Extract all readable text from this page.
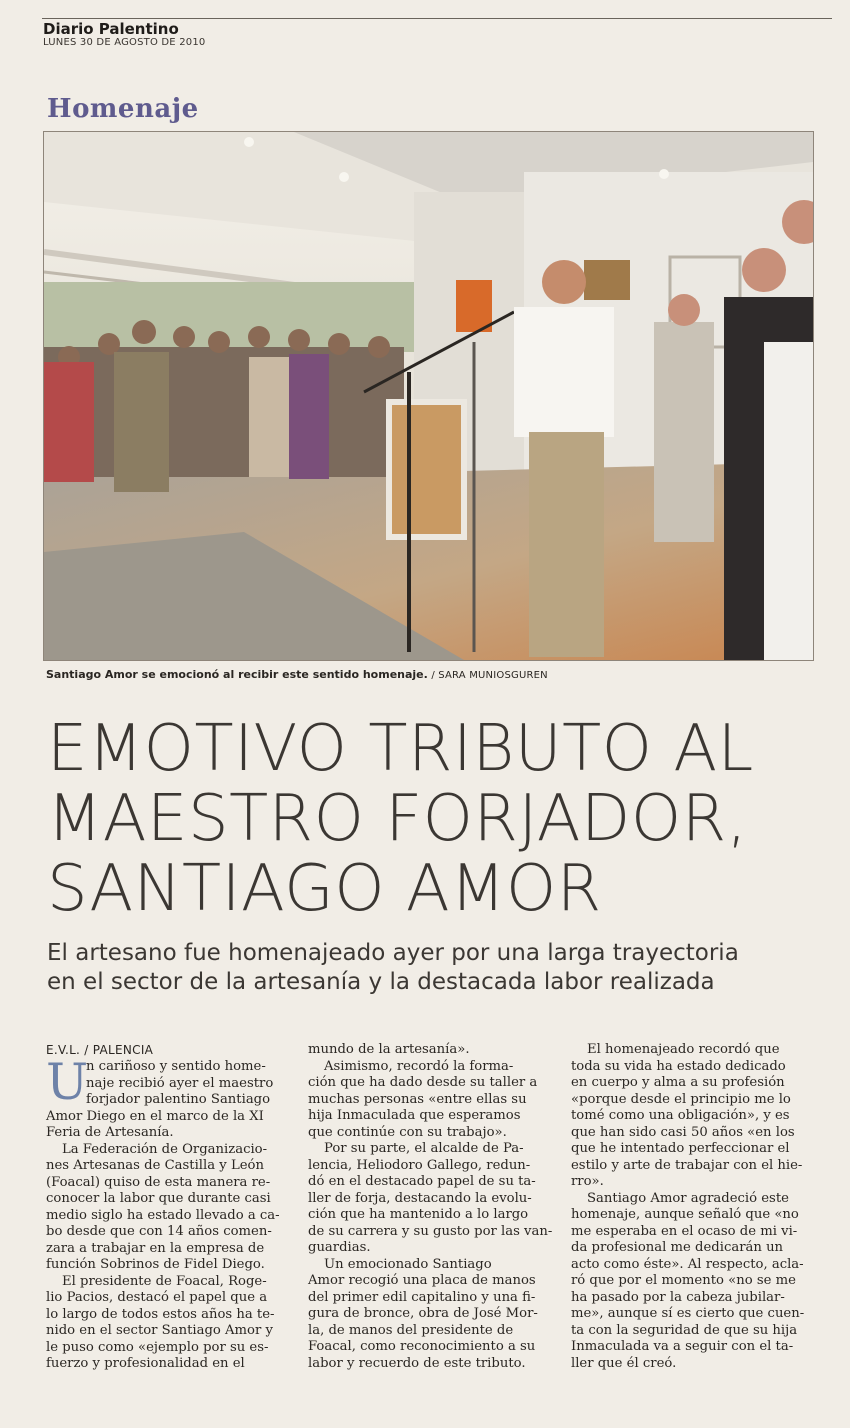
Diario Palentino
LUNES 30 DE AGOSTO DE 2010
Homenaje
Santiago Amor se emocionó al recibir este sentido homenaje. / SARA MUNIOSGUREN
EMOTIVO TRIBUTO AL
MAESTRO FORJADOR,
SANTIAGO AMOR
El artesano fue homenajeado ayer por una larga trayectoria
en el sector de la artesanía y la destacada labor realizada
E.V.L. / PALENCIA
U

n cariñoso y sentido home-

naje recibió ayer el maestro

forjador palentino Santiago

Amor Diego en el marco de la XI

Feria de Artesanía.

La Federación de Organizacio-

nes Artesanas de Castilla y León

(Foacal) quiso de esta manera re-

conocer la labor que durante casi

medio siglo ha estado llevado a ca-

bo desde que con 14 años comen-

zara a trabajar en la empresa de

función Sobrinos de Fidel Diego.

El presidente de Foacal, Roge-

lio Pacios, destacó el papel que a

lo largo de todos estos años ha te-

nido en el sector Santiago Amor y

le puso como «ejemplo por su es-

fuerzo y profesionalidad en el

mundo de la artesanía».

Asimismo, recordó la forma-

ción que ha dado desde su taller a

muchas personas «entre ellas su

hija Inmaculada que esperamos

que continúe con su trabajo».

Por su parte, el alcalde de Pa-

lencia, Heliodoro Gallego, redun-

dó en el destacado papel de su ta-

ller de forja, destacando la evolu-

ción que ha mantenido a lo largo

de su carrera y su gusto por las van-

guardias.

Un emocionado Santiago

Amor recogió una placa de manos

del primer edil capitalino y una fi-

gura de bronce, obra de José Mor-

la, de manos del presidente de

Foacal, como reconocimiento a su

labor y recuerdo de este tributo.

El homenajeado recordó que

toda su vida ha estado dedicado

en cuerpo y alma a su profesión

«porque desde el principio me lo

tomé como una obligación», y es

que han sido casi 50 años «en los

que he intentado perfeccionar el

estilo y arte de trabajar con el hie-

rro».

Santiago Amor agradeció este

homenaje, aunque señaló que «no

me esperaba en el ocaso de mi vi-

da profesional me dedicarán un

acto como éste». Al respecto, acla-

ró que por el momento «no se me

ha pasado por la cabeza jubilar-

me», aunque sí es cierto que cuen-

ta con la seguridad de que su hija

Inmaculada va a seguir con el ta-

ller que él creó.
